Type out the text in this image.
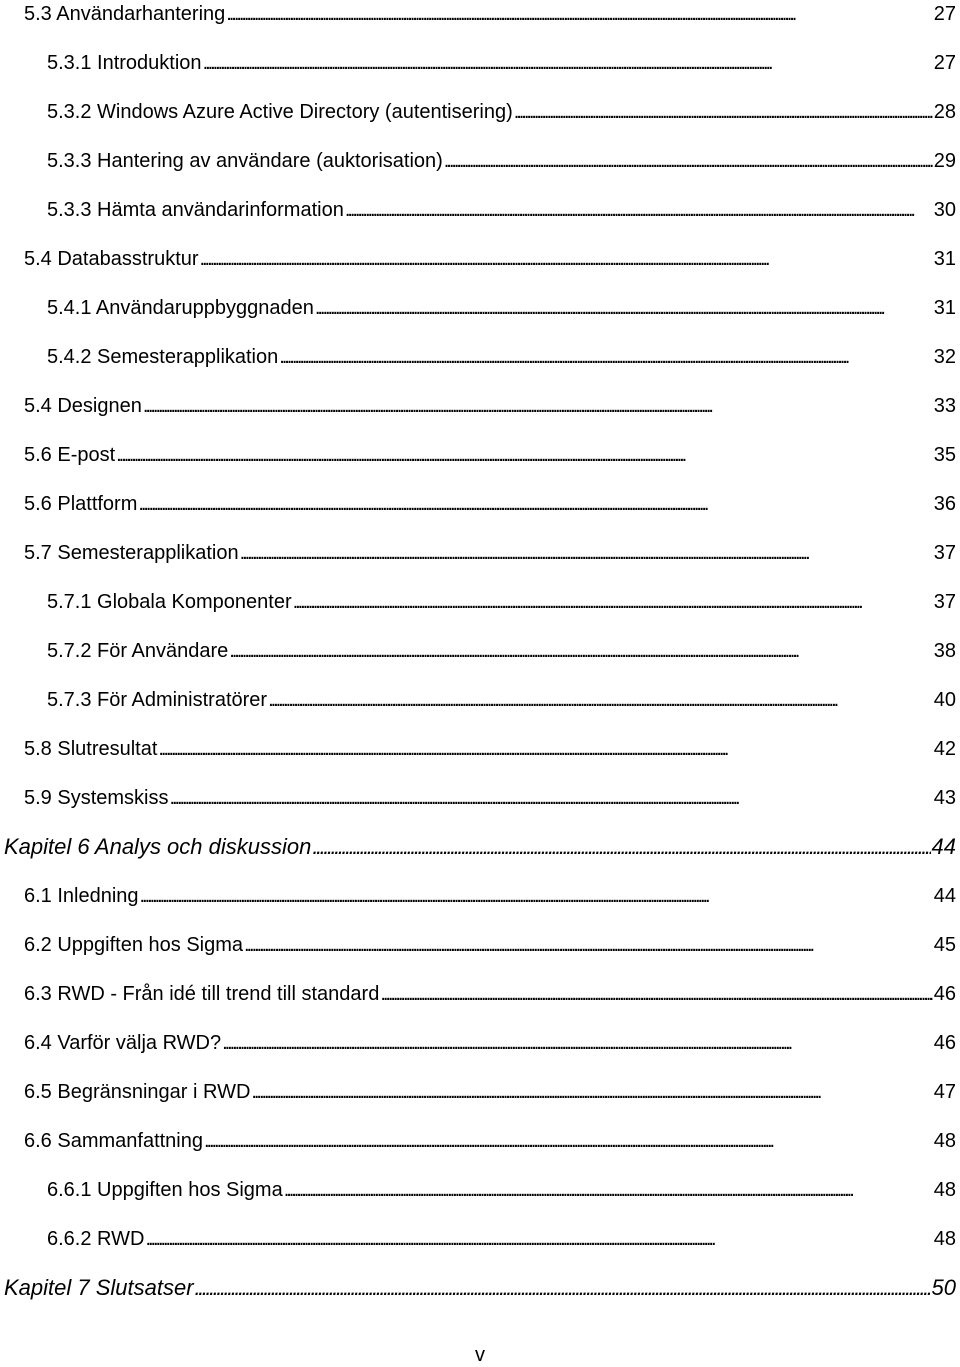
5.3 Användarhantering . . .	27
5.3.1 Introduktion . . .	27
5.3.2 Windows Azure Active Directory (autentisering) . . .	28
5.3.3 Hantering av användare (auktorisation) . . .	29
5.3.3 Hämta användarinformation . . .	30
5.4 Databasstruktur . . .	31
5.4.1 Användaruppbyggnaden . . .	31
5.4.2 Semesterapplikation . . .	32
5.4 Designen . . .	33
5.6 E-post . . .	35
5.6 Plattform . . .	36
5.7 Semesterapplikation . . .	37
5.7.1 Globala Komponenter . . .	37
5.7.2 För Användare . . .	38
5.7.3 För Administratörer . . .	40
5.8 Slutresultat . . .	42
5.9 Systemskiss . . .	43
Kapitel 6 Analys och diskussion . . .	44
6.1 Inledning . . .	44
6.2 Uppgiften hos Sigma . . .	45
6.3 RWD - Från idé till trend till standard . . .	46
6.4 Varför välja RWD? . . .	46
6.5 Begränsningar i RWD . . .	47
6.6 Sammanfattning . . .	48
6.6.1 Uppgiften hos Sigma . . .	48
6.6.2 RWD . . .	48
Kapitel 7 Slutsatser . . .	50
v
